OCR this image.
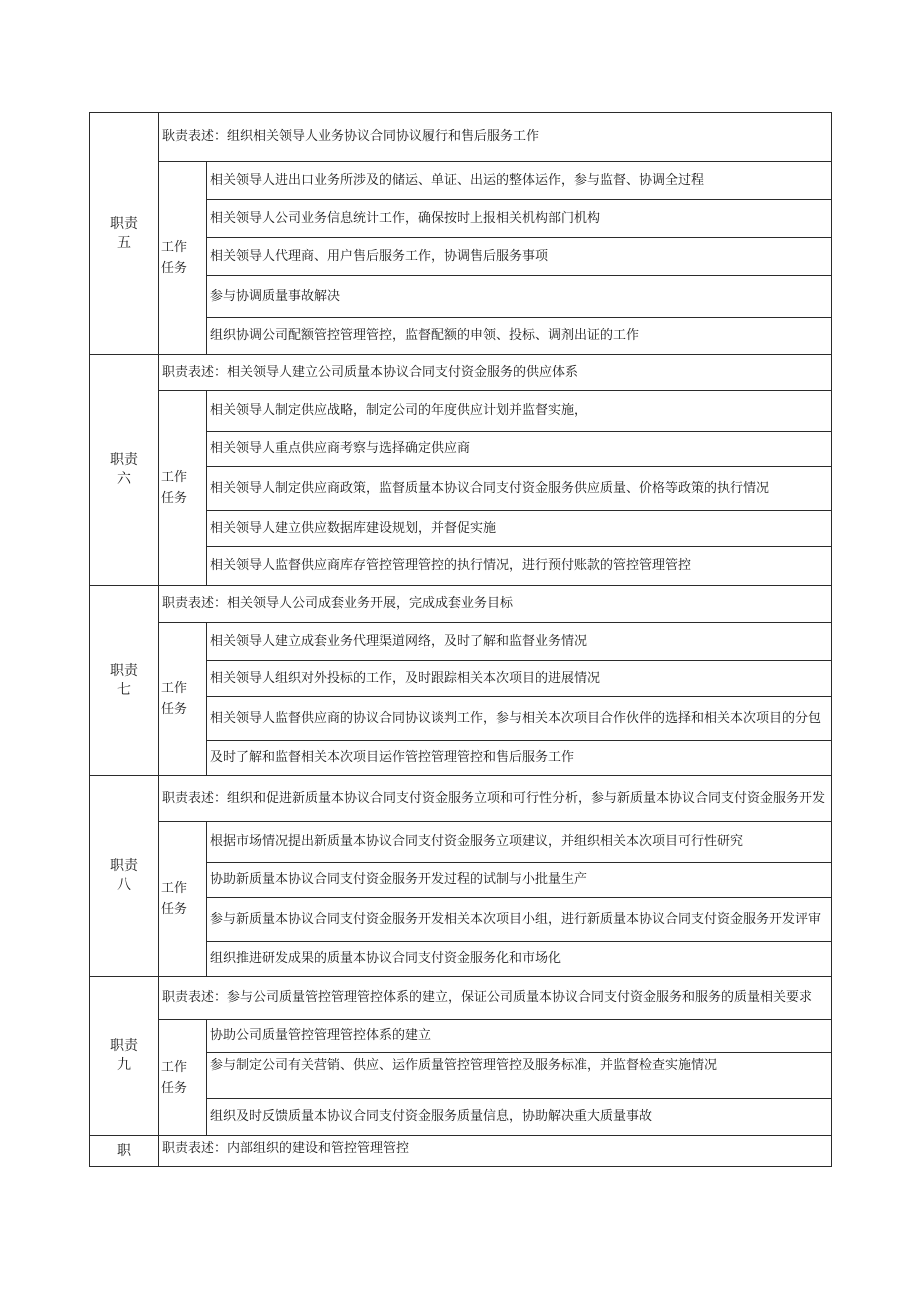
职责五	耿责表述：组织相关领导人业务协议合同协议履行和售后服务工作	
	工作任务	相关领导人进出口业务所涉及的储运、单证、出运的整体运作，参与监督、协调全过程
		相关领导人公司业务信息统计工作，确保按时上报相关机构部门机构
		相关领导人代理商、用户售后服务工作，协调售后服务事项
		参与协调质量事故解决
		组织协调公司配额管控管理管控，监督配额的申领、投标、调剂出证的工作
职责六	职责表述：相关领导人建立公司质量本协议合同支付资金服务的供应体系	
	工作任务	相关领导人制定供应战略，制定公司的年度供应计划并监督实施，
		相关领导人重点供应商考察与选择确定供应商
		相关领导人制定供应商政策，监督质量本协议合同支付资金服务供应质量、价格等政策的执行情况
		相关领导人建立供应数据库建设规划，并督促实施
		相关领导人监督供应商库存管控管理管控的执行情况，进行预付账款的管控管理管控
职责七	职责表述：相关领导人公司成套业务开展，完成成套业务目标	
	工作任务	相关领导人建立成套业务代理渠道网络，及时了解和监督业务情况
		相关领导人组织对外投标的工作，及时跟踪相关本次项目的进展情况
		相关领导人监督供应商的协议合同协议谈判工作，参与相关本次项目合作伙伴的选择和相关本次项目的分包
		及时了解和监督相关本次项目运作管控管理管控和售后服务工作
职责八	职责表述：组织和促进新质量本协议合同支付资金服务立项和可行性分析，参与新质量本协议合同支付资金服务开发	
	工作任务	根据市场情况提出新质量本协议合同支付资金服务立项建议，并组织相关本次项目可行性研究
		协助新质量本协议合同支付资金服务开发过程的试制与小批量生产
		参与新质量本协议合同支付资金服务开发相关本次项目小组，进行新质量本协议合同支付资金服务开发评审
		组织推进研发成果的质量本协议合同支付资金服务化和市场化
职责九	职责表述：参与公司质量管控管理管控体系的建立，保证公司质量本协议合同支付资金服务和服务的质量相关要求	
	工作任务	协助公司质量管控管理管控体系的建立
		参与制定公司有关营销、供应、运作质量管控管理管控及服务标准，并监督检查实施情况
		组织及时反馈质量本协议合同支付资金服务质量信息，协助解决重大质量事故
职	职责表述：内部组织的建设和管控管理管控	
